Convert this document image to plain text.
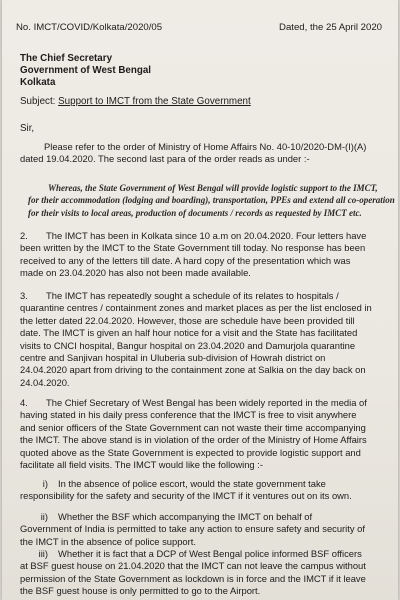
No. IMCT/COVID/Kolkata/2020/05	Dated, the 25 April 2020
The Chief Secretary
Government of West Bengal
Kolkata
Subject: Support to IMCT from the State Government
Sir,
Please refer to the order of Ministry of Home Affairs No. 40-10/2020-DM-(I)(A)
dated 19.04.2020. The second last para of the order reads as under :-
Whereas, the State Government of West Bengal will provide logistic support to the IMCT,
for their accommodation (lodging and boarding), transportation, PPEs and extend all co-operation
for their visits to local areas, production of documents / records as requested by IMCT etc.
2. The IMCT has been in Kolkata since 10 a.m on 20.04.2020. Four letters have
been written by the IMCT to the State Government till today. No response has been
received to any of the letters till date. A hard copy of the presentation which was
made on 23.04.2020 has also not been made available.
3. The IMCT has repeatedly sought a schedule of its relates to hospitals /
quarantine centres / containment zones and market places as per the list enclosed in
the letter dated 22.04.2020. However, those are schedule have been provided till
date. The IMCT is given an half hour notice for a visit and the State has facilitated
visits to CNCI hospital, Bangur hospital on 23.04.2020 and Damurjola quarantine
centre and Sanjivan hospital in Uluberia sub-division of Howrah district on
24.04.2020 apart from driving to the containment zone at Salkia on the day back on
24.04.2020.
4. The Chief Secretary of West Bengal has been widely reported in the media of
having stated in his daily press conference that the IMCT is free to visit anywhere
and senior officers of the State Government can not waste their time accompanying
the IMCT. The above stand is in violation of the order of the Ministry of Home Affairs
quoted above as the State Government is expected to provide logistic support and
facilitate all field visits. The IMCT would like the following :-
i) In the absence of police escort, would the state government take
responsibility for the safety and security of the IMCT if it ventures out on its own.
ii) Whether the BSF which accompanying the IMCT on behalf of
Government of India is permitted to take any action to ensure safety and security of
the IMCT in the absence of police support.
iii) Whether it is fact that a DCP of West Bengal police informed BSF officers
at BSF guest house on 21.04.2020 that the IMCT can not leave the campus without
permission of the State Government as lockdown is in force and the IMCT if it leave
the BSF guest house is only permitted to go to the Airport.
